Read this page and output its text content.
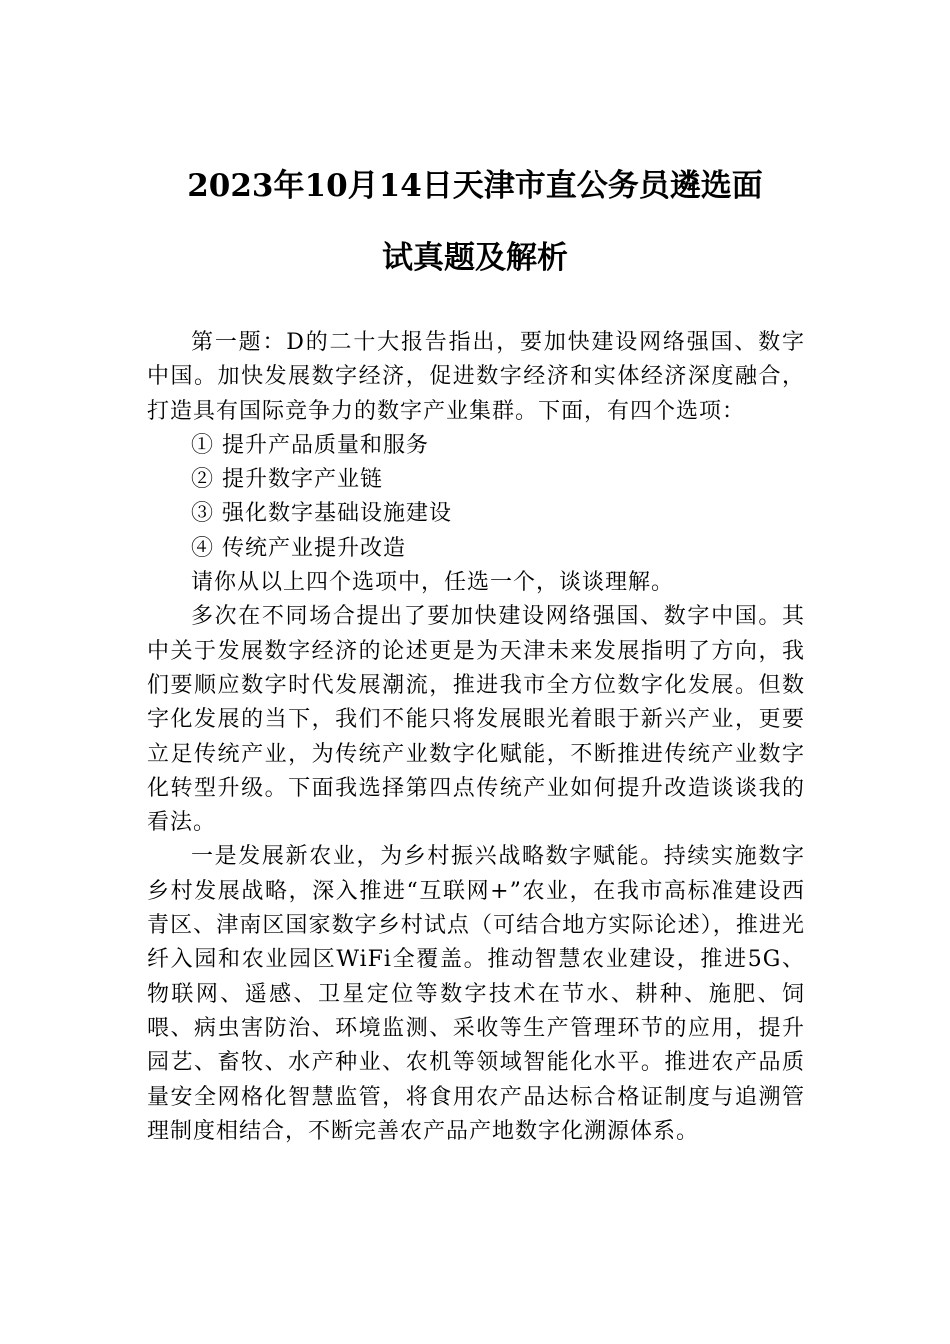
2023年10月14日天津市直公务员遴选面
试真题及解析

第一题：D的二十大报告指出，要加快建设网络强国、数字中国。加快发展数字经济，促进数字经济和实体经济深度融合，打造具有国际竞争力的数字产业集群。下面，有四个选项：

① 提升产品质量和服务

② 提升数字产业链

③ 强化数字基础设施建设

④ 传统产业提升改造

请你从以上四个选项中，任选一个，谈谈理解。

多次在不同场合提出了要加快建设网络强国、数字中国。其中关于发展数字经济的论述更是为天津未来发展指明了方向，我们要顺应数字时代发展潮流，推进我市全方位数字化发展。但数字化发展的当下，我们不能只将发展眼光着眼于新兴产业，更要立足传统产业，为传统产业数字化赋能，不断推进传统产业数字化转型升级。下面我选择第四点传统产业如何提升改造谈谈我的看法。

一是发展新农业，为乡村振兴战略数字赋能。持续实施数字乡村发展战略，深入推进“互联网+”农业，在我市高标准建设西青区、津南区国家数字乡村试点（可结合地方实际论述），推进光纤入园和农业园区WiFi全覆盖。推动智慧农业建设，推进5G、物联网、遥感、卫星定位等数字技术在节水、耕种、施肥、饲喂、病虫害防治、环境监测、采收等生产管理环节的应用，提升园艺、畜牧、水产种业、农机等领域智能化水平。推进农产品质量安全网格化智慧监管，将食用农产品达标合格证制度与追溯管理制度相结合，不断完善农产品产地数字化溯源体系。
